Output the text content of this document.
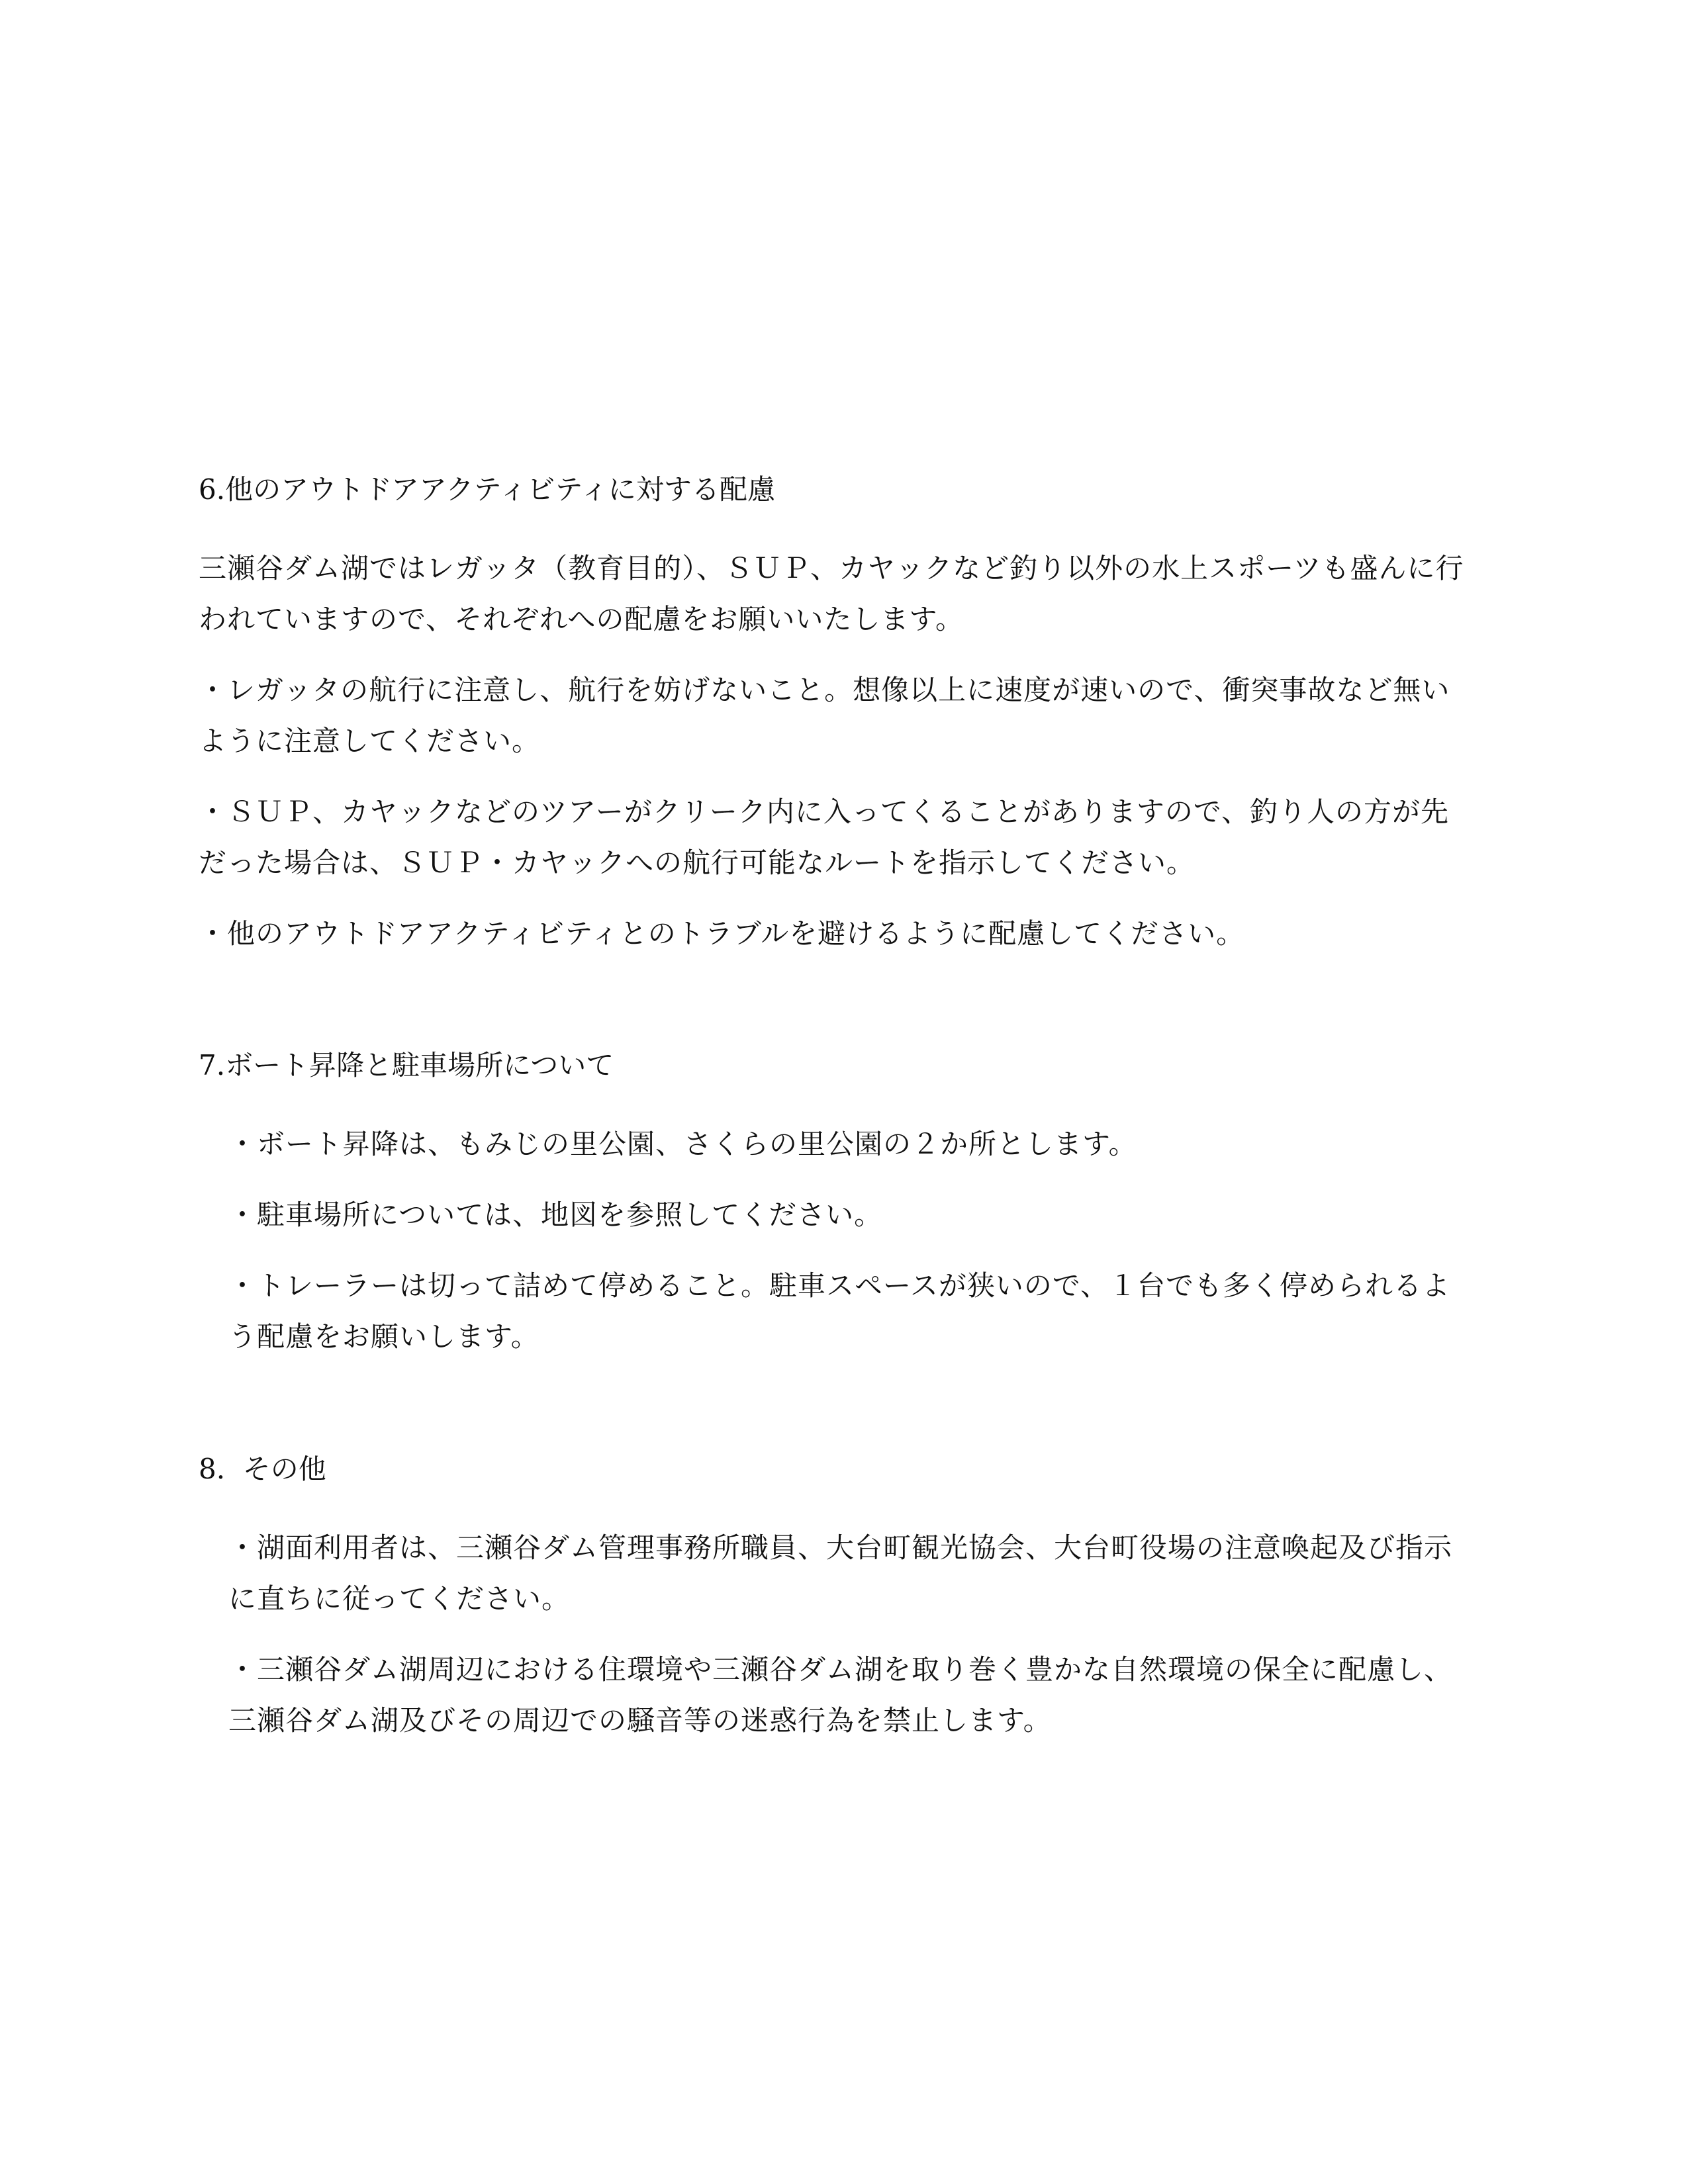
6.他のアウトドアアクティビティに対する配慮

三瀬谷ダム湖ではレガッタ（教育目的）、ＳＵＰ、カヤックなど釣り以外の水上スポーツも盛んに行われていますので、それぞれへの配慮をお願いいたします。

・レガッタの航行に注意し、航行を妨げないこと。想像以上に速度が速いので、衝突事故など無いように注意してください。

・ＳＵＰ、カヤックなどのツアーがクリーク内に入ってくることがありますので、釣り人の方が先だった場合は、ＳＵＰ・カヤックへの航行可能なルートを指示してください。

・他のアウトドアアクティビティとのトラブルを避けるように配慮してください。

7.ボート昇降と駐車場所について

・ボート昇降は、もみじの里公園、さくらの里公園の２か所とします。

・駐車場所については、地図を参照してください。

・トレーラーは切って詰めて停めること。駐車スペースが狭いので、１台でも多く停められるよう配慮をお願いします。

8.  その他

・湖面利用者は、三瀬谷ダム管理事務所職員、大台町観光協会、大台町役場の注意喚起及び指示に直ちに従ってください。

・三瀬谷ダム湖周辺における住環境や三瀬谷ダム湖を取り巻く豊かな自然環境の保全に配慮し、三瀬谷ダム湖及びその周辺での騒音等の迷惑行為を禁止します。
